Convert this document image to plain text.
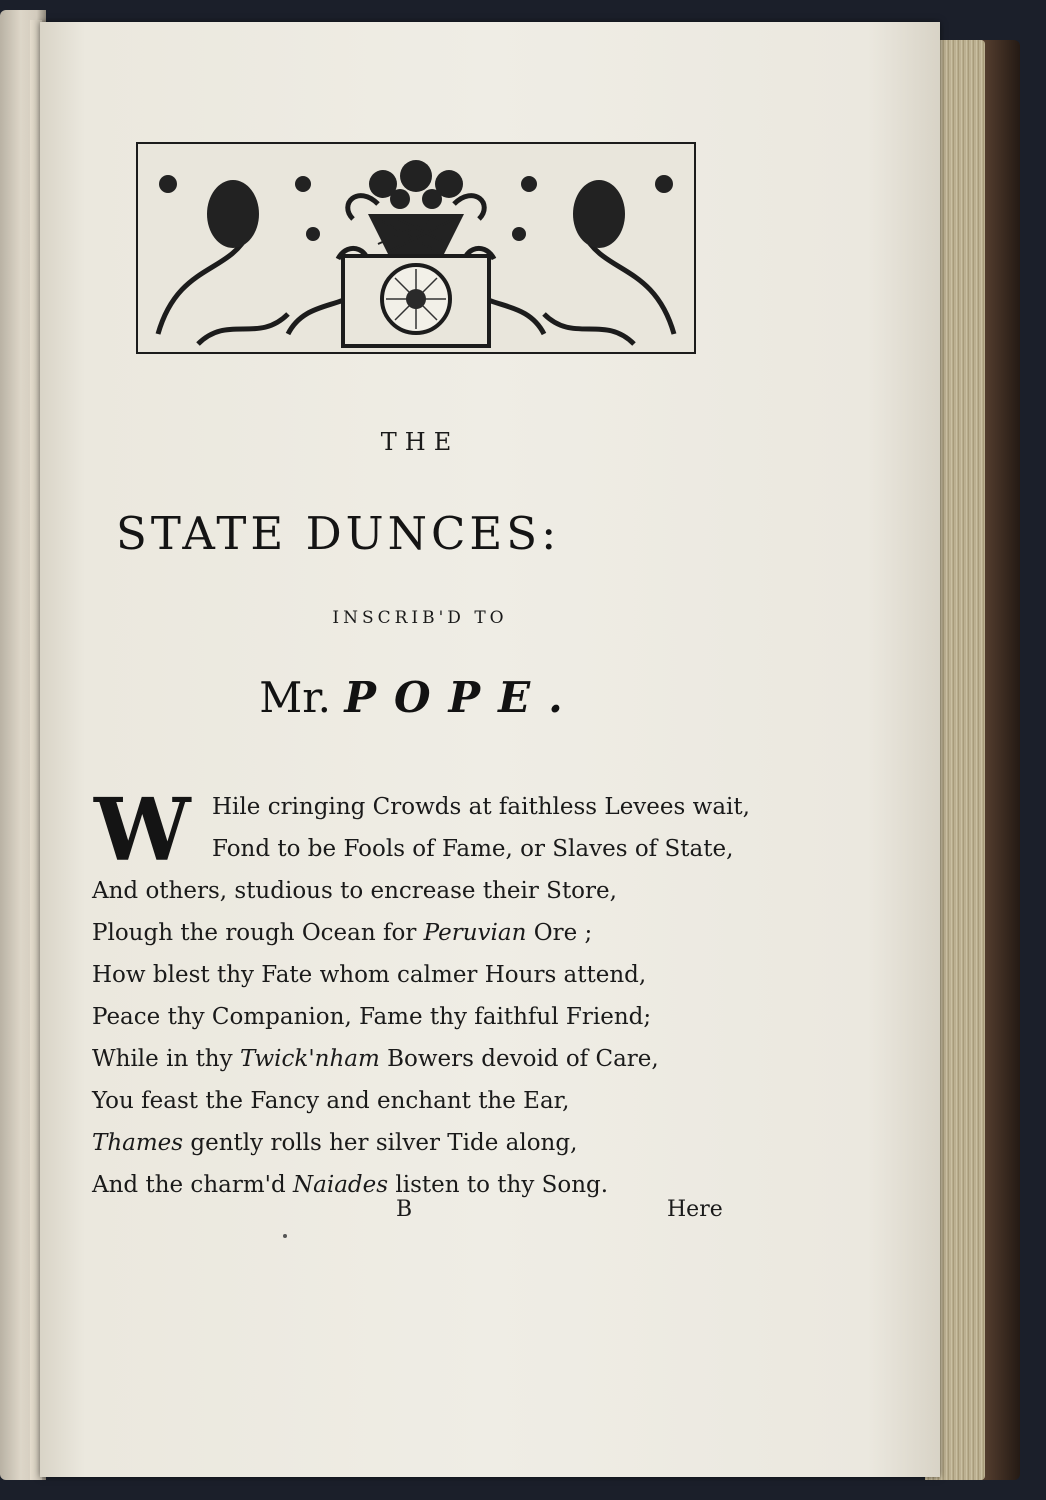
THE
STATE DUNCES:
INSCRIB'D TO
Mr. POPE.
W Hile cringing Crowds at faithless Levees wait,
Fond to be Fools of Fame, or Slaves of State,
And others, studious to encrease their Store,
Plough the rough Ocean for Peruvian Ore ;
How blest thy Fate whom calmer Hours attend,
Peace thy Companion, Fame thy faithful Friend;
While in thy Twick'nham Bowers devoid of Care,
You feast the Fancy and enchant the Ear,
Thames gently rolls her silver Tide along,
And the charm'd Naiades listen to thy Song.
B	Here
